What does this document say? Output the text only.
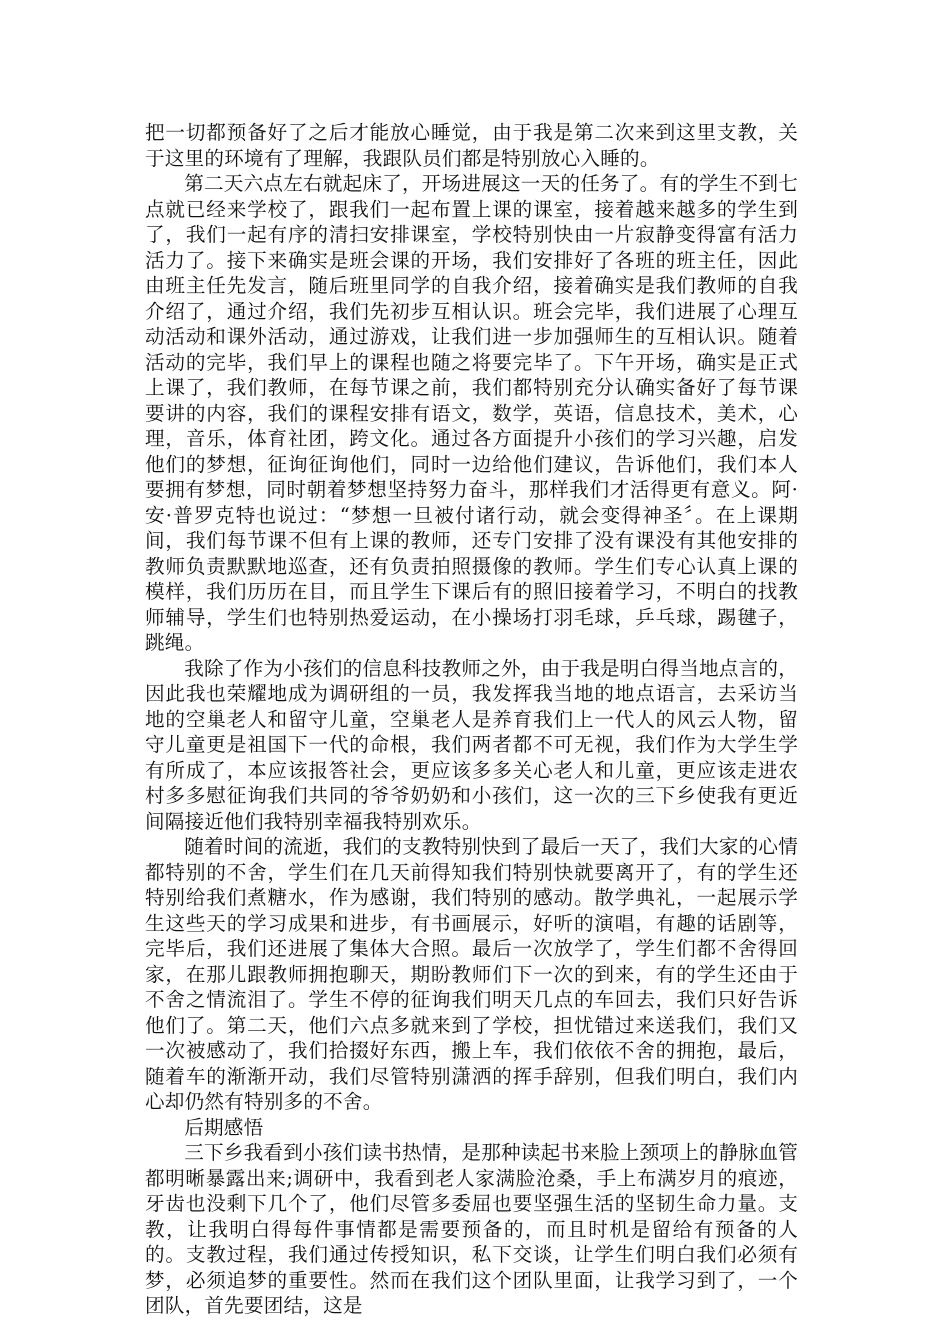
把一切都预备好了之后才能放心睡觉，由于我是第二次来到这里支教，关于这里的环境有了理解，我跟队员们都是特别放心入睡的。

第二天六点左右就起床了，开场进展这一天的任务了。有的学生不到七点就已经来学校了，跟我们一起布置上课的课室，接着越来越多的学生到了，我们一起有序的清扫安排课室，学校特别快由一片寂静变得富有活力活力了。接下来确实是班会课的开场，我们安排好了各班的班主任，因此由班主任先发言，随后班里同学的自我介绍，接着确实是我们教师的自我介绍了，通过介绍，我们先初步互相认识。班会完毕，我们进展了心理互动活动和课外活动，通过游戏，让我们进一步加强师生的互相认识。随着活动的完毕，我们早上的课程也随之将要完毕了。下午开场，确实是正式上课了，我们教师，在每节课之前，我们都特别充分认确实备好了每节课要讲的内容，我们的课程安排有语文，数学，英语，信息技术，美术，心理，音乐，体育社团，跨文化。通过各方面提升小孩们的学习兴趣，启发他们的梦想，征询征询他们，同时一边给他们建议，告诉他们，我们本人要拥有梦想，同时朝着梦想坚持努力奋斗，那样我们才活得更有意义。阿·安·普罗克特也说过：“梦想一旦被付诸行动，就会变得神圣〞。在上课期间，我们每节课不但有上课的教师，还专门安排了没有课没有其他安排的教师负责默默地巡查，还有负责拍照摄像的教师。学生们专心认真上课的模样，我们历历在目，而且学生下课后有的照旧接着学习，不明白的找教师辅导，学生们也特别热爱运动，在小操场打羽毛球，乒乓球，踢毽子，跳绳。

我除了作为小孩们的信息科技教师之外，由于我是明白得当地点言的，因此我也荣耀地成为调研组的一员，我发挥我当地的地点语言，去采访当地的空巢老人和留守儿童，空巢老人是养育我们上一代人的风云人物，留守儿童更是祖国下一代的命根，我们两者都不可无视，我们作为大学生学有所成了，本应该报答社会，更应该多多关心老人和儿童，更应该走进农村多多慰征询我们共同的爷爷奶奶和小孩们，这一次的三下乡使我有更近间隔接近他们我特别幸福我特别欢乐。

随着时间的流逝，我们的支教特别快到了最后一天了，我们大家的心情都特别的不舍，学生们在几天前得知我们特别快就要离开了，有的学生还特别给我们煮糖水，作为感谢，我们特别的感动。散学典礼，一起展示学生这些天的学习成果和进步，有书画展示，好听的演唱，有趣的话剧等，完毕后，我们还进展了集体大合照。最后一次放学了，学生们都不舍得回家，在那儿跟教师拥抱聊天，期盼教师们下一次的到来，有的学生还由于不舍之情流泪了。学生不停的征询我们明天几点的车回去，我们只好告诉他们了。第二天，他们六点多就来到了学校，担忧错过来送我们，我们又一次被感动了，我们拾掇好东西，搬上车，我们依依不舍的拥抱，最后，随着车的渐渐开动，我们尽管特别潇洒的挥手辞别，但我们明白，我们内心却仍然有特别多的不舍。

后期感悟

三下乡我看到小孩们读书热情，是那种读起书来脸上颈项上的静脉血管都明晰暴露出来;调研中，我看到老人家满脸沧桑，手上布满岁月的痕迹，牙齿也没剩下几个了，他们尽管多委屈也要坚强生活的坚韧生命力量。支教，让我明白得每件事情都是需要预备的，而且时机是留给有预备的人的。支教过程，我们通过传授知识，私下交谈，让学生们明白我们必须有梦，必须追梦的重要性。然而在我们这个团队里面，让我学习到了，一个团队，首先要团结，这是
